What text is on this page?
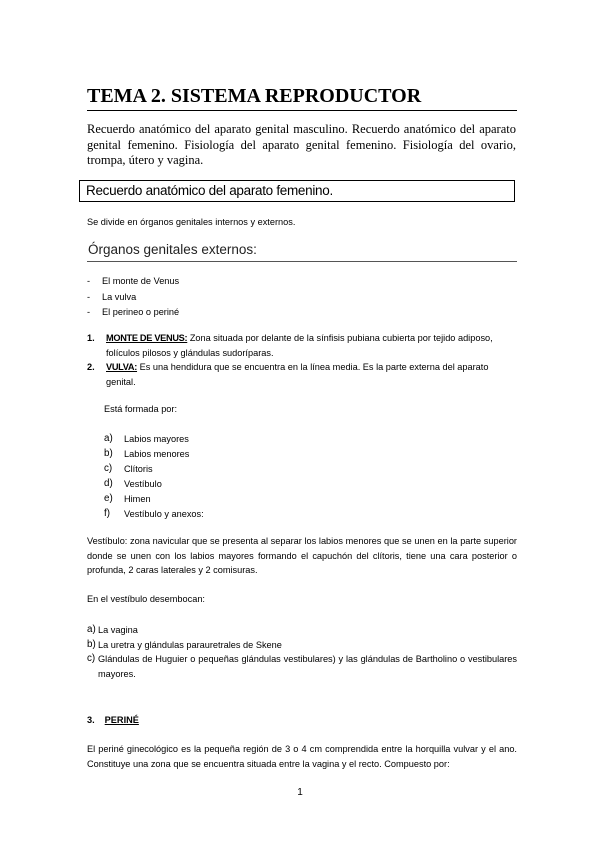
TEMA 2. SISTEMA REPRODUCTOR
Recuerdo anatómico del aparato genital masculino. Recuerdo anatómico del aparato genital femenino. Fisiología del aparato genital femenino. Fisiología del ovario, trompa, útero y vagina.
Recuerdo anatómico del aparato femenino.
Se divide en órganos genitales internos y externos.
Órganos genitales externos:
- El monte de Venus
- La vulva
- El perineo o periné
1. MONTE DE VENUS: Zona situada por delante de la sínfisis pubiana cubierta por tejido adiposo, folículos pilosos y glándulas sudoríparas.
2. VULVA: Es una hendidura que se encuentra en la línea media. Es la parte externa del aparato genital.
Está formada por:
a) Labios mayores
b) Labios menores
c) Clítoris
d) Vestíbulo
e) Himen
f) Vestíbulo y anexos:
Vestíbulo: zona navicular que se presenta al separar los labios menores que se unen en la parte superior donde se unen con los labios mayores formando el capuchón del clítoris, tiene una cara posterior o profunda, 2 caras laterales y 2 comisuras.
En el vestíbulo desembocan:
a) La vagina
b) La uretra y glándulas parauretrales de Skene
c) Glándulas de Huguier o pequeñas glándulas vestibulares) y las glándulas de Bartholino o vestibulares mayores.
3. PERINÉ
El periné ginecológico es la pequeña región de 3 o 4 cm comprendida entre la horquilla vulvar y el ano. Constituye una zona que se encuentra situada entre la vagina y el recto. Compuesto por:
1
